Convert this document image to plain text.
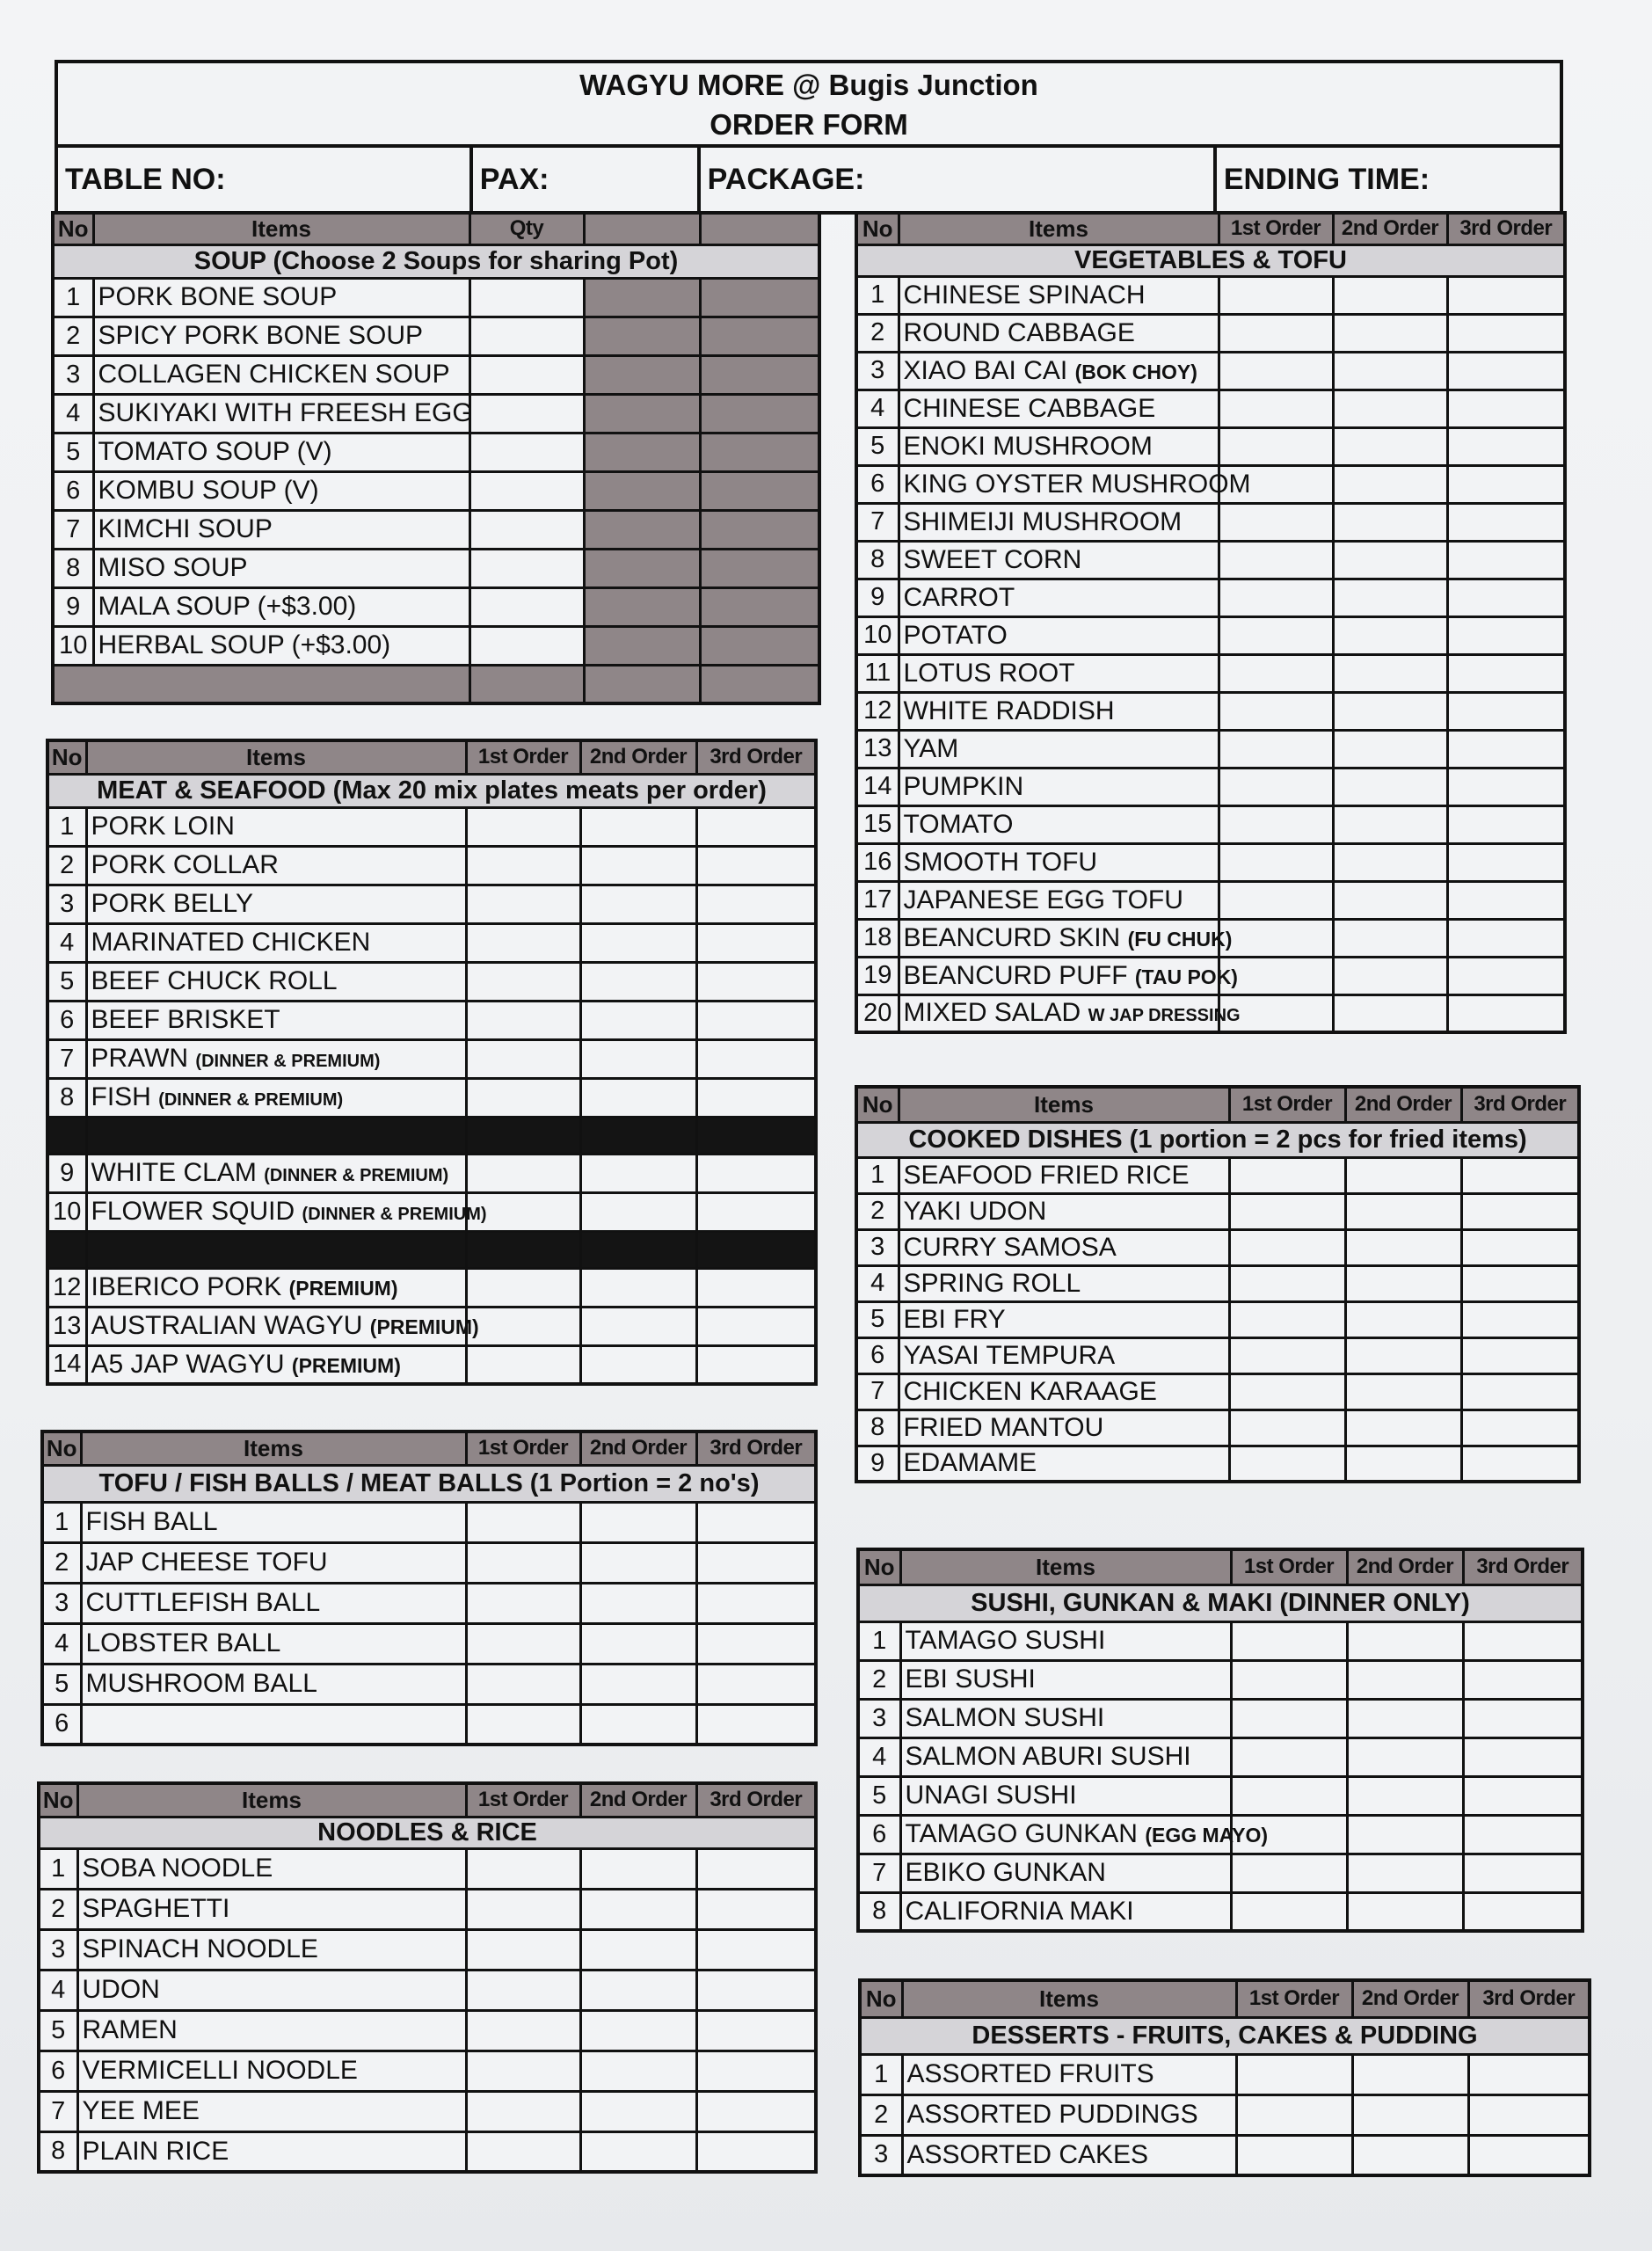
WAGYU MORE @ Bugis Junction
ORDER FORM
TABLE NO:	PAX:	PACKAGE:	ENDING TIME:
No	Items	Qty		
SOUP (Choose 2 Soups for sharing Pot)				
1	PORK BONE SOUP			
2	SPICY PORK BONE SOUP			
3	COLLAGEN CHICKEN SOUP			
4	SUKIYAKI WITH FREESH EGG			
5	TOMATO SOUP (V)			
6	KOMBU SOUP (V)			
7	KIMCHI SOUP			
8	MISO SOUP			
9	MALA SOUP (+$3.00)			
10	HERBAL SOUP (+$3.00)			

No	Items	1st Order	2nd Order	3rd Order
MEAT & SEAFOOD (Max 20 mix plates meats per order)				
1	PORK LOIN			
2	PORK COLLAR			
3	PORK BELLY			
4	MARINATED CHICKEN			
5	BEEF CHUCK ROLL			
6	BEEF BRISKET			
7	PRAWN (DINNER & PREMIUM)			
8	FISH (DINNER & PREMIUM)			

9	WHITE CLAM (DINNER & PREMIUM)			
10	FLOWER SQUID (DINNER & PREMIUM)			

12	IBERICO PORK (PREMIUM)			
13	AUSTRALIAN WAGYU (PREMIUM)			
14	A5 JAP WAGYU (PREMIUM)			
No	Items	1st Order	2nd Order	3rd Order
TOFU / FISH BALLS / MEAT BALLS (1 Portion = 2 no's)				
1	FISH BALL			
2	JAP CHEESE TOFU			
3	CUTTLEFISH BALL			
4	LOBSTER BALL			
5	MUSHROOM BALL			
6				
No	Items	1st Order	2nd Order	3rd Order
NOODLES & RICE				
1	SOBA NOODLE			
2	SPAGHETTI			
3	SPINACH NOODLE			
4	UDON			
5	RAMEN			
6	VERMICELLI NOODLE			
7	YEE MEE			
8	PLAIN RICE			
No	Items	1st Order	2nd Order	3rd Order
VEGETABLES & TOFU				
1	CHINESE SPINACH			
2	ROUND CABBAGE			
3	XIAO BAI CAI (BOK CHOY)			
4	CHINESE CABBAGE			
5	ENOKI MUSHROOM			
6	KING OYSTER MUSHROOM			
7	SHIMEIJI MUSHROOM			
8	SWEET CORN			
9	CARROT			
10	POTATO			
11	LOTUS ROOT			
12	WHITE RADDISH			
13	YAM			
14	PUMPKIN			
15	TOMATO			
16	SMOOTH TOFU			
17	JAPANESE EGG TOFU			
18	BEANCURD SKIN (FU CHUK)			
19	BEANCURD PUFF (TAU POK)			
20	MIXED SALAD W JAP DRESSING			
No	Items	1st Order	2nd Order	3rd Order
COOKED DISHES (1 portion = 2 pcs for fried items)				
1	SEAFOOD FRIED RICE			
2	YAKI UDON			
3	CURRY SAMOSA			
4	SPRING ROLL			
5	EBI FRY			
6	YASAI TEMPURA			
7	CHICKEN KARAAGE			
8	FRIED MANTOU			
9	EDAMAME			
No	Items	1st Order	2nd Order	3rd Order
SUSHI, GUNKAN & MAKI (DINNER ONLY)				
1	TAMAGO SUSHI			
2	EBI SUSHI			
3	SALMON SUSHI			
4	SALMON ABURI SUSHI			
5	UNAGI SUSHI			
6	TAMAGO GUNKAN (EGG MAYO)			
7	EBIKO GUNKAN			
8	CALIFORNIA MAKI			
No	Items	1st Order	2nd Order	3rd Order
DESSERTS - FRUITS, CAKES & PUDDING				
1	ASSORTED FRUITS			
2	ASSORTED PUDDINGS			
3	ASSORTED CAKES			
